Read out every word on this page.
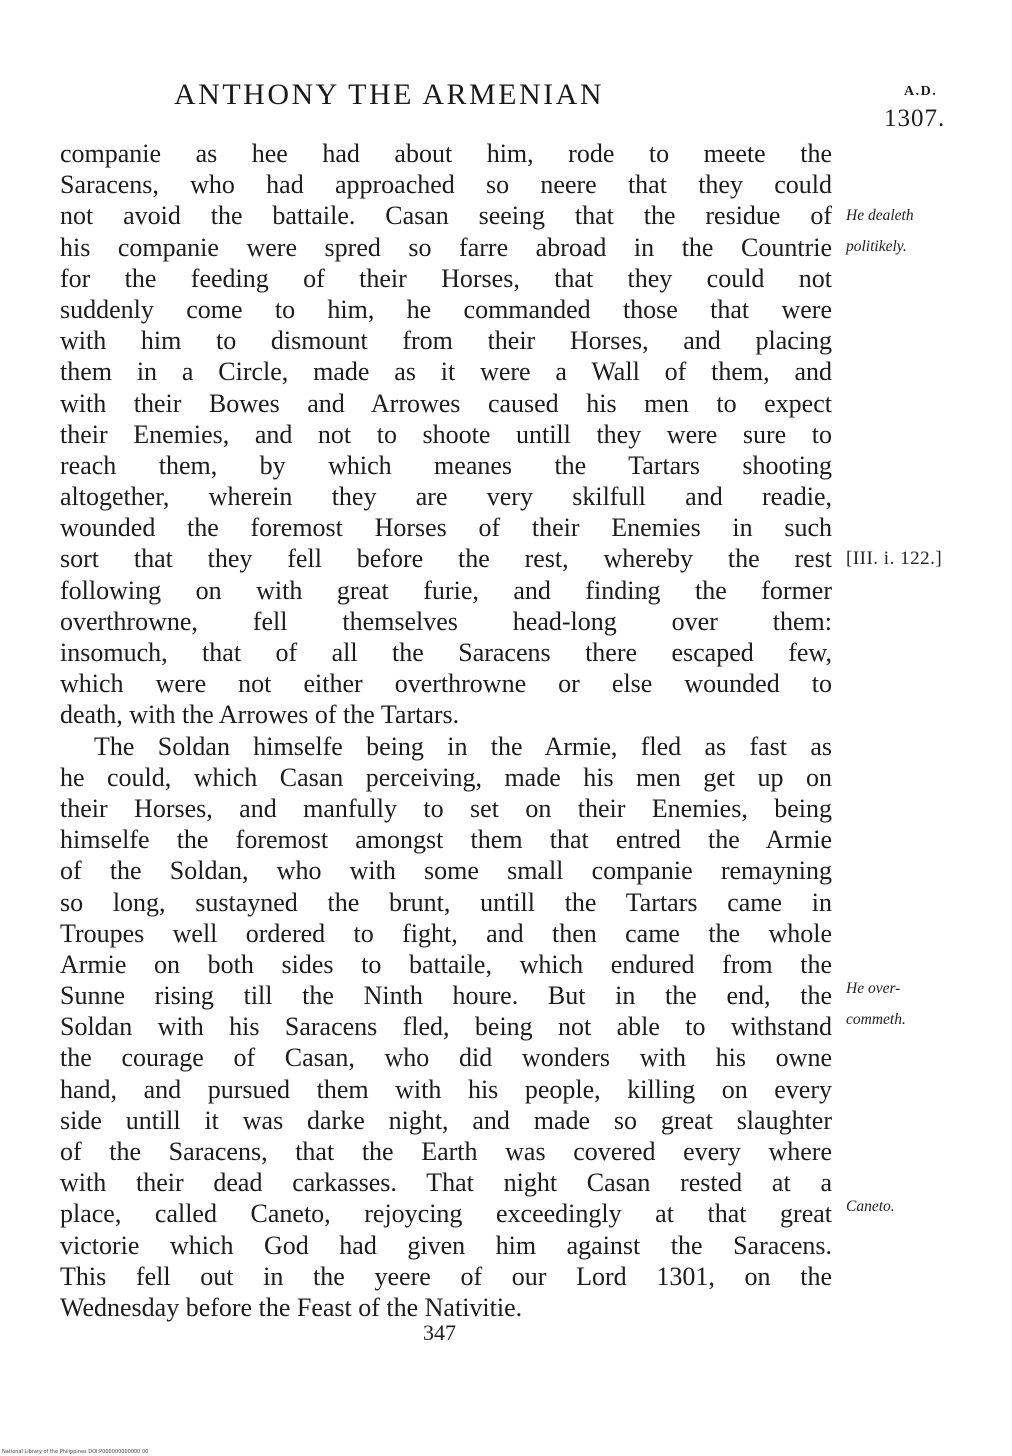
ANTHONY THE ARMENIAN	A.D.
1307.
companie as hee had about him, rode to meete the
Saracens, who had approached so neere that they could
not avoid the battaile. Casan seeing that the residue of
his companie were spred so farre abroad in the Countrie
for the feeding of their Horses, that they could not
suddenly come to him, he commanded those that were
with him to dismount from their Horses, and placing
them in a Circle, made as it were a Wall of them, and
with their Bowes and Arrowes caused his men to expect
their Enemies, and not to shoote untill they were sure to
reach them, by which meanes the Tartars shooting
altogether, wherein they are very skilfull and readie,
wounded the foremost Horses of their Enemies in such
sort that they fell before the rest, whereby the rest
following on with great furie, and finding the former
overthrowne, fell themselves head-long over them:
insomuch, that of all the Saracens there escaped few,
which were not either overthrowne or else wounded to
death, with the Arrowes of the Tartars.
The Soldan himselfe being in the Armie, fled as fast as
he could, which Casan perceiving, made his men get up on
their Horses, and manfully to set on their Enemies, being
himselfe the foremost amongst them that entred the Armie
of the Soldan, who with some small companie remayning
so long, sustayned the brunt, untill the Tartars came in
Troupes well ordered to fight, and then came the whole
Armie on both sides to battaile, which endured from the
Sunne rising till the Ninth houre. But in the end, the
Soldan with his Saracens fled, being not able to withstand
the courage of Casan, who did wonders with his owne
hand, and pursued them with his people, killing on every
side untill it was darke night, and made so great slaughter
of the Saracens, that the Earth was covered every where
with their dead carkasses. That night Casan rested at a
place, called Caneto, rejoycing exceedingly at that great
victorie which God had given him against the Saracens.
This fell out in the yeere of our Lord 1301, on the
Wednesday before the Feast of the Nativitie.
He dealeth
politikely.
[III. i. 122.]
He over-
commeth.
Caneto.
347
National Library of the Philippines DOI:P000000000000 00
